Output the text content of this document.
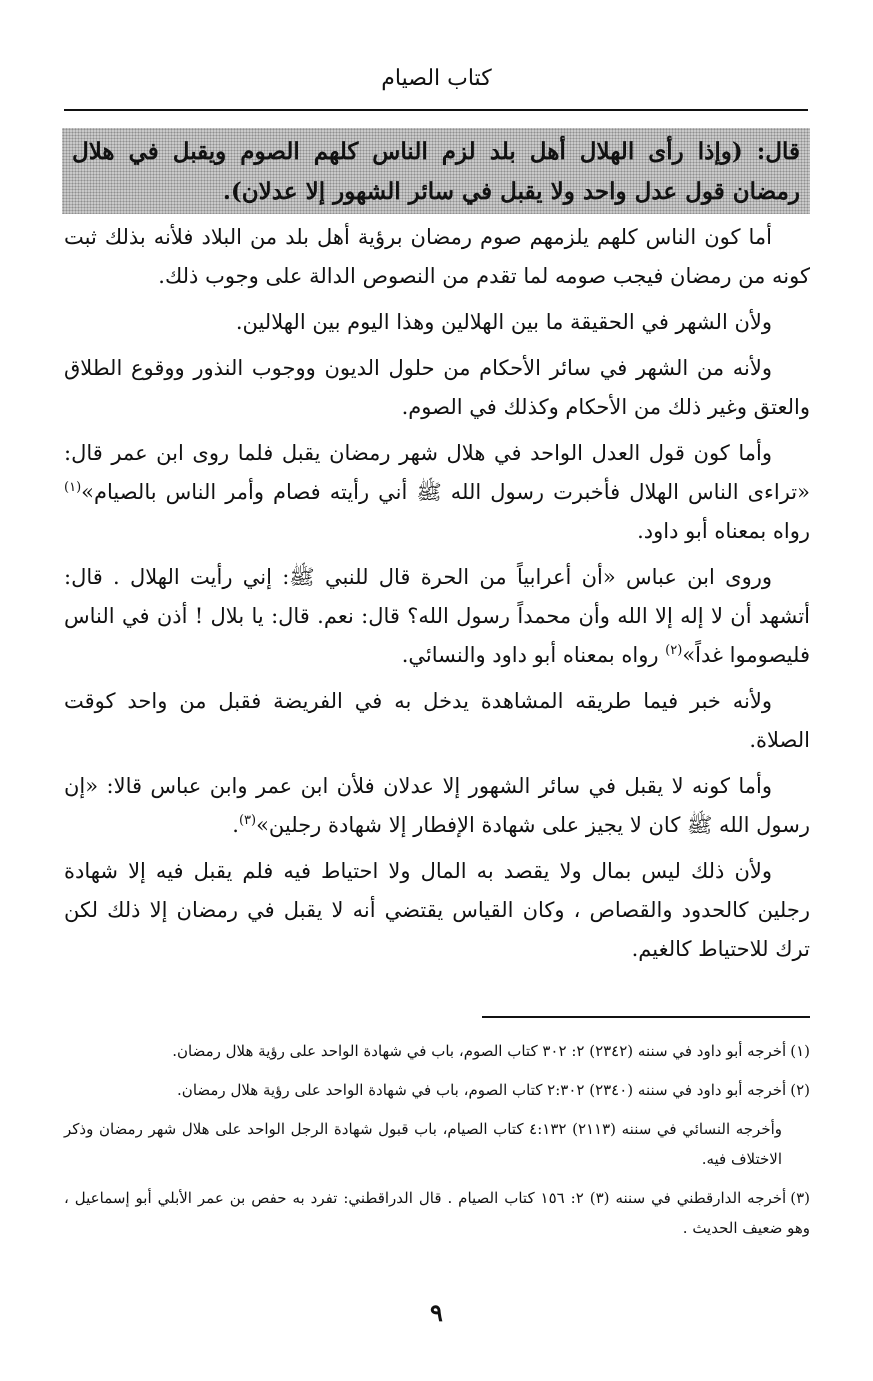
كتاب الصيام
قال: (وإذا رأى الهلال أهل بلد لزم الناس كلهم الصوم ويقبل في هلال رمضان قول عدل واحد ولا يقبل في سائر الشهور إلا عدلان).

أما كون الناس كلهم يلزمهم صوم رمضان برؤية أهل بلد من البلاد فلأنه بذلك ثبت كونه من رمضان فيجب صومه لما تقدم من النصوص الدالة على وجوب ذلك.

ولأن الشهر في الحقيقة ما بين الهلالين وهذا اليوم بين الهلالين.

ولأنه من الشهر في سائر الأحكام من حلول الديون ووجوب النذور ووقوع الطلاق والعتق وغير ذلك من الأحكام وكذلك في الصوم.

وأما كون قول العدل الواحد في هلال شهر رمضان يقبل فلما روى ابن عمر قال: «تراءى الناس الهلال فأخبرت رسول الله ﷺ أني رأيته فصام وأمر الناس بالصيام»$^{(١)}$ رواه بمعناه أبو داود.

وروى ابن عباس «أن أعرابياً من الحرة قال للنبي ﷺ: إني رأيت الهلال . قال: أتشهد أن لا إله إلا الله وأن محمداً رسول الله؟ قال: نعم. قال: يا بلال ! أذن في الناس فليصوموا غداً»$^{(٢)}$ رواه بمعناه أبو داود والنسائي.

ولأنه خبر فيما طريقه المشاهدة يدخل به في الفريضة فقبل من واحد كوقت الصلاة.

وأما كونه لا يقبل في سائر الشهور إلا عدلان فلأن ابن عمر وابن عباس قالا: «إن رسول الله ﷺ كان لا يجيز على شهادة الإفطار إلا شهادة رجلين»$^{(٣)}$.

ولأن ذلك ليس بمال ولا يقصد به المال ولا احتياط فيه فلم يقبل فيه إلا شهادة رجلين كالحدود والقصاص ، وكان القياس يقتضي أنه لا يقبل في رمضان إلا ذلك لكن ترك للاحتياط كالغيم.

(١)أخرجه أبو داود في سننه (٢٣٤٢) ٢: ٣٠٢ كتاب الصوم، باب في شهادة الواحد على رؤية هلال رمضان.
(٢)أخرجه أبو داود في سننه (٢٣٤٠) ٢:٣٠٢ كتاب الصوم، باب في شهادة الواحد على رؤية هلال رمضان.
وأخرجه النسائي في سننه (٢١١٣) ٤:١٣٢ كتاب الصيام، باب قبول شهادة الرجل الواحد على هلال شهر رمضان وذكر الاختلاف فيه.
(٣)أخرجه الدارقطني في سننه (٣) ٢: ١٥٦ كتاب الصيام . قال الدراقطني: تفرد به حفص بن عمر الأبلي أبو إسماعيل ، وهو ضعيف الحديث .
٩
